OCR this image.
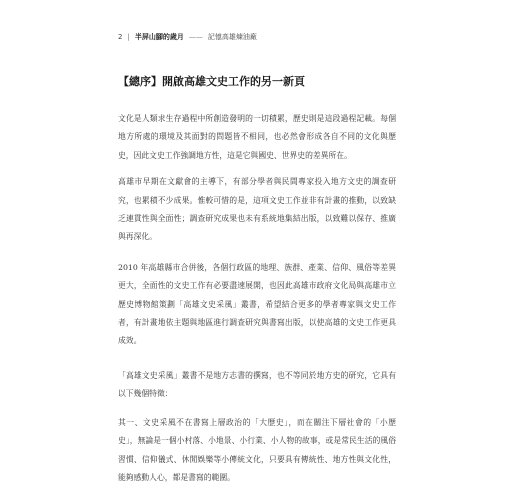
2 | 半屏山腳的歲月 —— 記憶高雄煉油廠
【總序】開啟高雄文史工作的另一新頁

文化是人類求生存過程中所創造發明的一切積累，歷史則是這段過程記載。每個地方所處的環境及其面對的問題皆不相同，也必然會形成各自不同的文化與歷史，因此文史工作強調地方性，這是它與國史、世界史的差異所在。

高雄市早期在文獻會的主導下，有部分學者與民間專家投入地方文史的調查研究，也累積不少成果。惟較可惜的是，這項文史工作並非有計畫的推動，以致缺乏連貫性與全面性；調查研究成果也未有系統地集結出版，以致難以保存、推廣與再深化。

2010 年高雄縣市合併後，各個行政區的地理、族群、產業、信仰、風俗等差異更大，全面性的文史工作有必要盡速展開，也因此高雄市政府文化局與高雄市立歷史博物館策劃「高雄文史采風」叢書，希望結合更多的學者專家與文史工作者，有計畫地依主題與地區進行調查研究與書寫出版，以使高雄的文史工作更具成效。

「高雄文史采風」叢書不是地方志書的撰寫，也不等同於地方史的研究，它具有以下幾個特徵：

其一、文史采風不在書寫上層政治的「大歷史」，而在關注下層社會的「小歷史」，無論是一個小村落、小地景、小行業、小人物的故事，或是常民生活的風俗習慣、信仰儀式、休閒娛樂等小傳統文化，只要具有傳統性、地方性與文化性，能夠感動人心，都是書寫的範圍。
